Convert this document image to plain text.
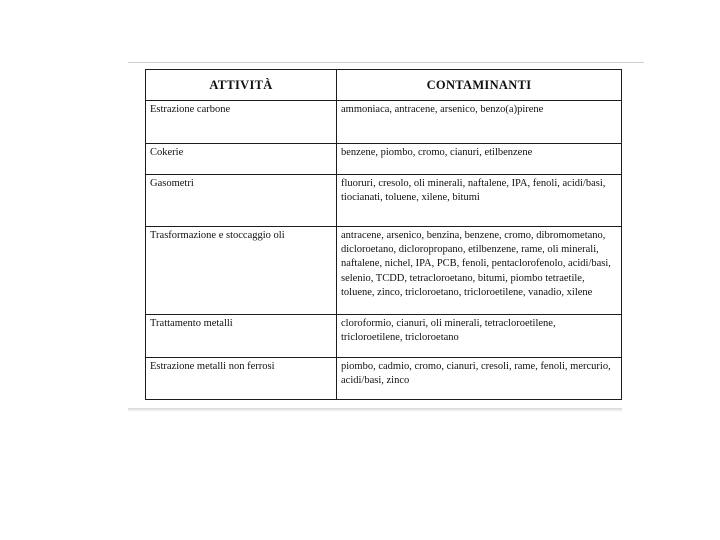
ATTIVITÀ	CONTAMINANTI
Estrazione carbone	ammoniaca, antracene, arsenico, benzo(a)pirene
Cokerie	benzene, piombo, cromo, cianuri, etilbenzene
Gasometri	fluoruri, cresolo, oli minerali, naftalene, IPA, fenoli, acidi/basi, tiocianati, toluene, xilene, bitumi
Trasformazione e stoccaggio oli	antracene, arsenico, benzina, benzene, cromo, dibromometano, dicloroetano, dicloropropano, etilbenzene, rame, oli minerali, naftalene, nichel, IPA, PCB, fenoli, pentaclorofenolo, acidi/basi, selenio, TCDD, tetracloroetano, bitumi, piombo tetraetile, toluene, zinco, tricloroetano, tricloroetilene, vanadio, xilene
Trattamento metalli	cloroformio, cianuri, oli minerali, tetracloroetilene, tricloroetilene, tricloroetano
Estrazione metalli non ferrosi	piombo, cadmio, cromo, cianuri, cresoli, rame, fenoli, mercurio, acidi/basi, zinco
